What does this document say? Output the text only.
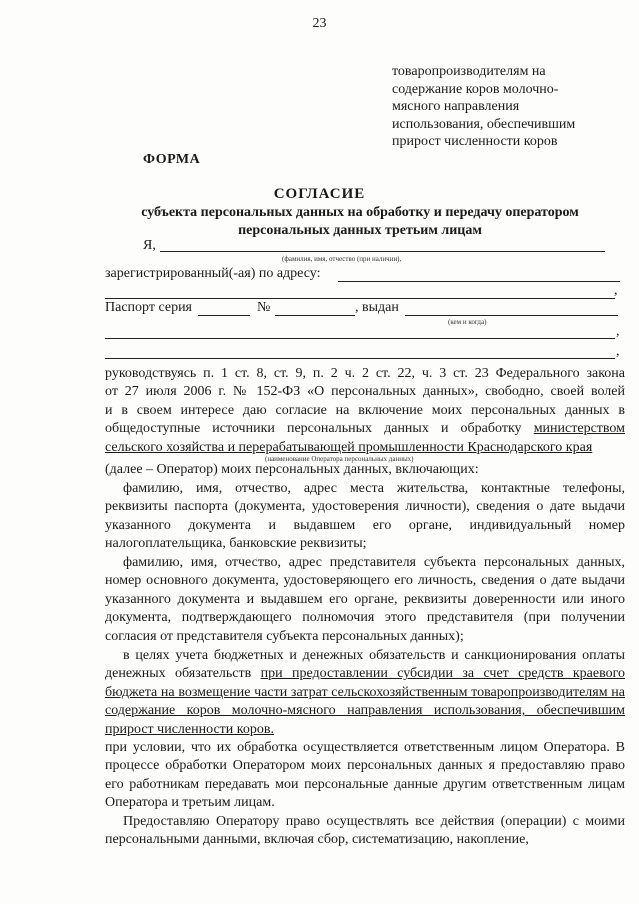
23
товаропроизводителям на
содержание коров молочно-
мясного направления
использования, обеспечившим
прирост численности коров
ФОРМА
СОГЛАСИЕ
субъекта персональных данных на обработку и передачу оператором
персональных данных третьим лицам
Я,
(фамилия, имя, отчество (при наличии),
зарегистрированный(-ая) по адресу:
,
Паспорт серия	№	, выдан
(кем и когда)
,
,
руководствуясь п. 1 ст. 8, ст. 9, п. 2 ч. 2 ст. 22, ч. 3 ст. 23 Федерального закона
от 27 июля 2006 г. № 152-ФЗ «О персональных данных», свободно, своей волей
и в своем интересе даю согласие на включение моих персональных данных в
общедоступные источники персональных данных и обработку министерством
сельского хозяйства и перерабатывающей промышленности Краснодарского края
(наименование Оператора персональных данных)
(далее – Оператор) моих персональных данных, включающих:
фамилию, имя, отчество, адрес места жительства, контактные телефоны, реквизиты паспорта (документа, удостоверения личности), сведения о дате выдачи указанного документа и выдавшем его органе, индивидуальный номер налогоплательщика, банковские реквизиты;
фамилию, имя, отчество, адрес представителя субъекта персональных данных, номер основного документа, удостоверяющего его личность, сведения о дате выдачи указанного документа и выдавшем его органе, реквизиты доверенности или иного документа, подтверждающего полномочия этого представителя (при получении согласия от представителя субъекта персональных данных);
в целях учета бюджетных и денежных обязательств и санкционирования оплаты денежных обязательств при предоставлении субсидии за счет средств краевого бюджета на возмещение части затрат сельскохозяйственным товаропроизводителям на содержание коров молочно-мясного направления использования, обеспечившим прирост численности коров.
при условии, что их обработка осуществляется ответственным лицом Оператора. В процессе обработки Оператором моих персональных данных я предоставляю право его работникам передавать мои персональные данные другим ответственным лицам Оператора и третьим лицам.
Предоставляю Оператору право осуществлять все действия (операции) с моими персональными данными, включая сбор, систематизацию, накопление,
